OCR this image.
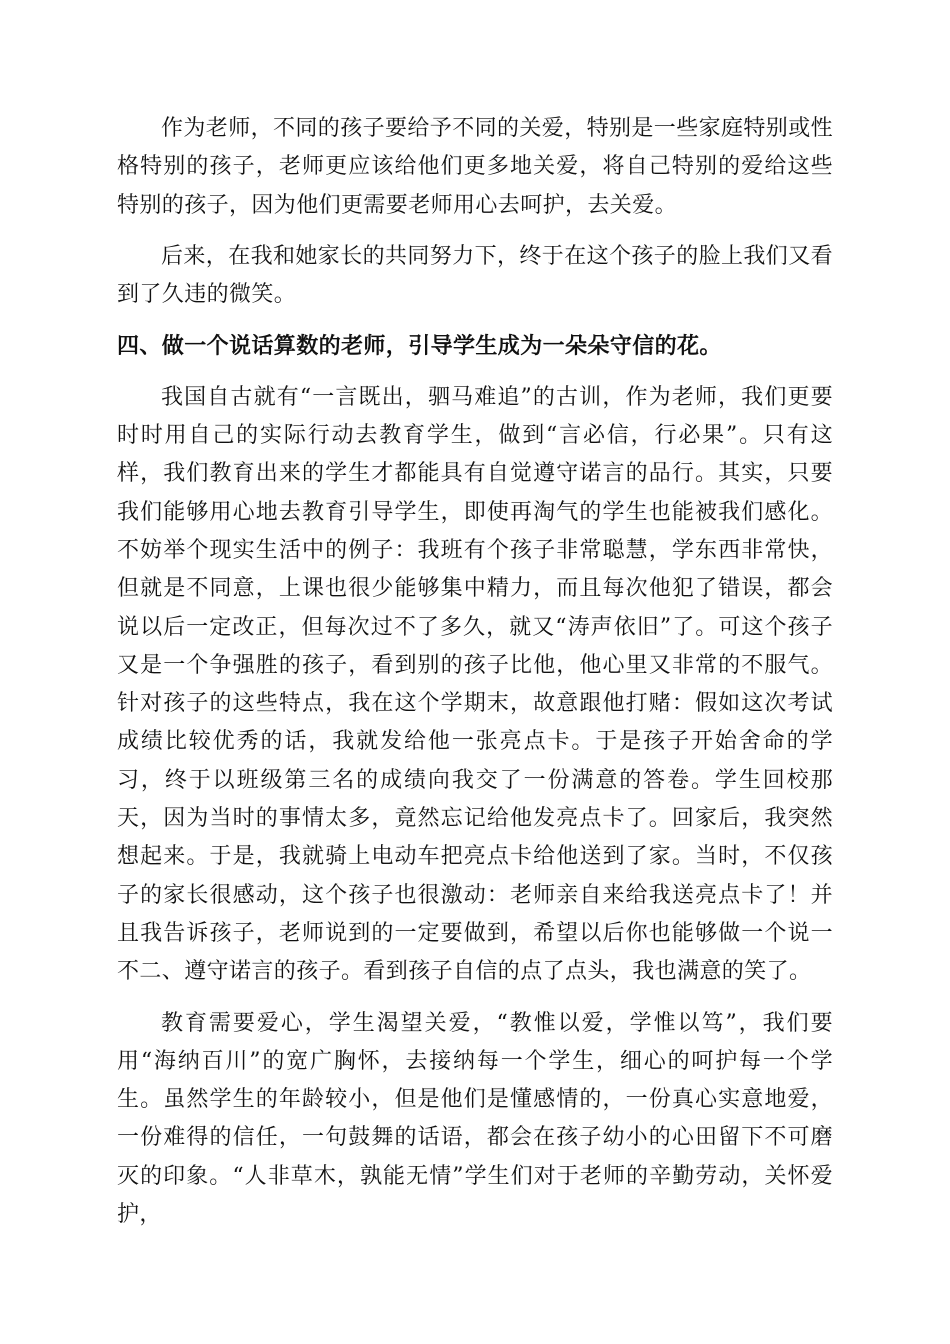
作为老师，不同的孩子要给予不同的关爱，特别是一些家庭特别或性格特别的孩子，老师更应该给他们更多地关爱，将自己特别的爱给这些特别的孩子，因为他们更需要老师用心去呵护，去关爱。

后来，在我和她家长的共同努力下，终于在这个孩子的脸上我们又看到了久违的微笑。

四、做一个说话算数的老师，引导学生成为一朵朵守信的花。

我国自古就有“一言既出，驷马难追”的古训，作为老师，我们更要时时用自己的实际行动去教育学生，做到“言必信，行必果”。只有这样，我们教育出来的学生才都能具有自觉遵守诺言的品行。其实，只要我们能够用心地去教育引导学生，即使再淘气的学生也能被我们感化。不妨举个现实生活中的例子：我班有个孩子非常聪慧，学东西非常快，但就是不同意，上课也很少能够集中精力，而且每次他犯了错误，都会说以后一定改正，但每次过不了多久，就又“涛声依旧”了。可这个孩子又是一个争强胜的孩子，看到别的孩子比他，他心里又非常的不服气。针对孩子的这些特点，我在这个学期末，故意跟他打赌：假如这次考试成绩比较优秀的话，我就发给他一张亮点卡。于是孩子开始舍命的学习，终于以班级第三名的成绩向我交了一份满意的答卷。学生回校那天，因为当时的事情太多，竟然忘记给他发亮点卡了。回家后，我突然想起来。于是，我就骑上电动车把亮点卡给他送到了家。当时，不仅孩子的家长很感动，这个孩子也很激动：老师亲自来给我送亮点卡了！并且我告诉孩子，老师说到的一定要做到，希望以后你也能够做一个说一不二、遵守诺言的孩子。看到孩子自信的点了点头，我也满意的笑了。

教育需要爱心，学生渴望关爱，“教惟以爱，学惟以笃”，我们要用“海纳百川”的宽广胸怀，去接纳每一个学生，细心的呵护每一个学生。虽然学生的年龄较小，但是他们是懂感情的，一份真心实意地爱，一份难得的信任，一句鼓舞的话语，都会在孩子幼小的心田留下不可磨灭的印象。“人非草木，孰能无情”学生们对于老师的辛勤劳动，关怀爱护，
